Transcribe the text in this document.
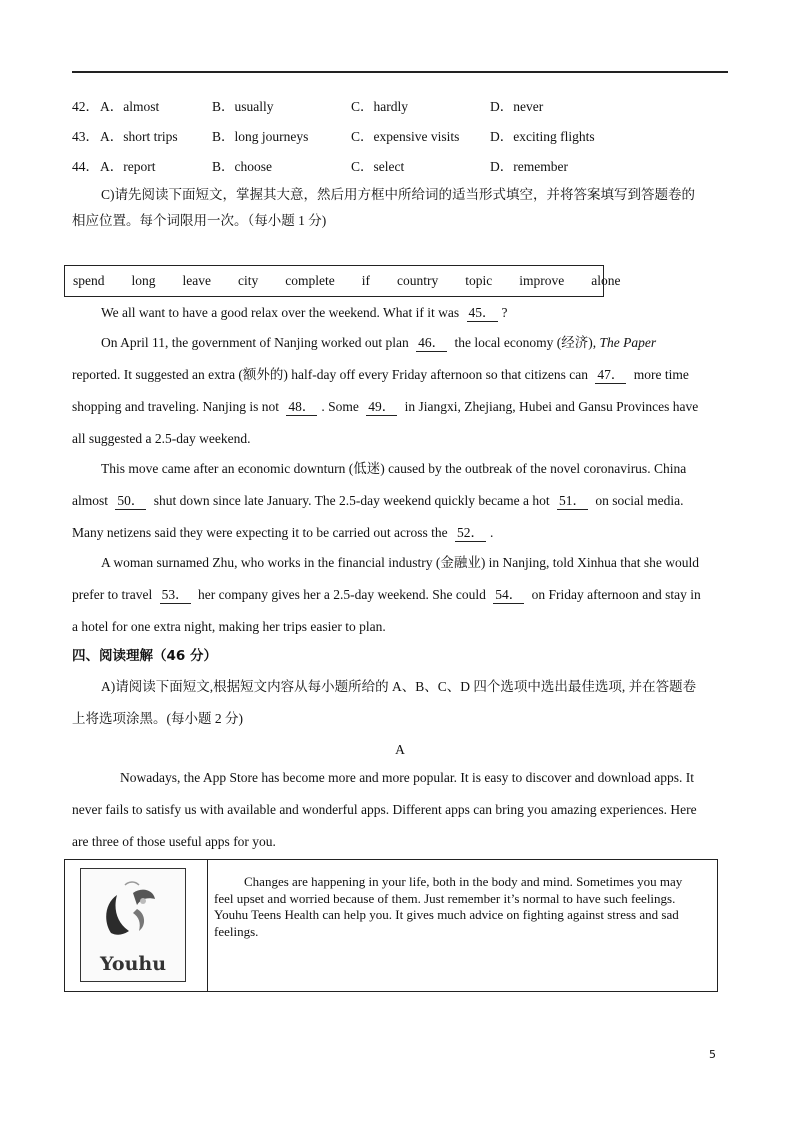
42． A．almost	B．usually	C．hardly	D．never
43． A．short trips	B．long journeys	C．expensive visits D．exciting flights
44． A．report	B．choose	C．select	D．remember
C)请先阅读下面短文，掌握其大意，然后用方框中所给词的适当形式填空，并将答案填写到答题卷的
相应位置。每个词限用一次。（每小题 1 分)
spend long leave city complete if country topic improve alone
We all want to have a good relax over the weekend. What if it was 45． ?
On April 11, the government of Nanjing worked out plan 46． the local economy (经济), The Paper
reported. It suggested an extra (额外的) half-day off every Friday afternoon so that citizens can 47． more time
shopping and traveling. Nanjing is not 48． . Some 49． in Jiangxi, Zhejiang, Hubei and Gansu Provinces have
all suggested a 2.5-day weekend.
This move came after an economic downturn (低迷) caused by the outbreak of the novel coronavirus. China
almost 50． shut down since late January. The 2.5-day weekend quickly became a hot 51． on social media.
Many netizens said they were expecting it to be carried out across the 52． .
A woman surnamed Zhu, who works in the financial industry (金融业) in Nanjing, told Xinhua that she would
prefer to travel 53． her company gives her a 2.5-day weekend. She could 54． on Friday afternoon and stay in
a hotel for one extra night, making her trips easier to plan.
四、阅读理解（46 分）
A)请阅读下面短文,根据短文内容从每小题所给的 A、B、C、D 四个选项中选出最佳选项, 并在答题卷
上将选项涂黑。(每小题 2 分)
A
Nowadays, the App Store has become more and more popular. It is easy to discover and download apps. It
never fails to satisfy us with available and wonderful apps. Different apps can bring you amazing experiences. Here
are three of those useful apps for you.
Youhu
Changes are happening in your life, both in the body and mind. Sometimes you may feel upset and worried because of them. Just remember it’s normal to have such feelings. Youhu Teens Health can help you. It gives much advice on fighting against stress and sad feelings.
5
